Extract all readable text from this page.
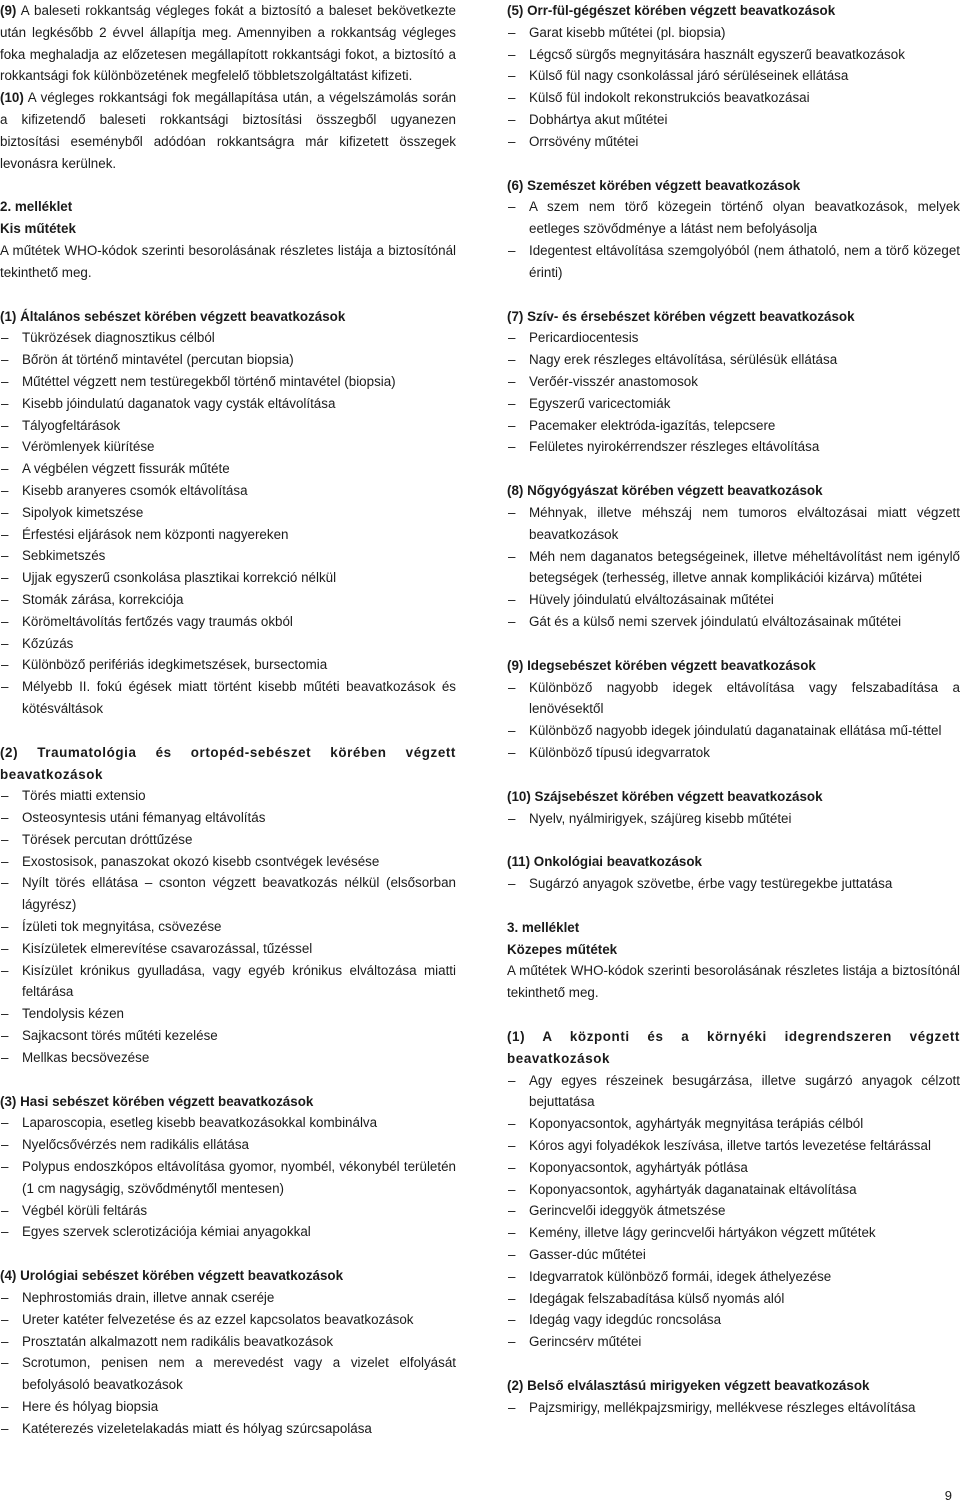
(9) A baleseti rokkantság végleges fokát a biztosító a baleset bekövetkezte után legkésőbb 2 évvel állapítja meg. Amennyiben a rokkantság végleges foka meghaladja az előzetesen megállapított rokkantsági fokot, a biztosító a rokkantsági fok különbözetének megfelelő többletszolgáltatást kifizeti.

(10) A végleges rokkantsági fok megállapítása után, a végelszámolás során a kifizetendő baleseti rokkantsági biztosítási összegből ugyanezen biztosítási eseményből adódóan rokkantságra már kifizetett összegek levonásra kerülnek.

2. melléklet

Kis műtétek

A műtétek WHO-kódok szerinti besorolásának részletes listája a biztosítónál tekinthető meg.

(1) Általános sebészet körében végzett beavatkozások

– Tükrözések diagnosztikus célból
– Bőrön át történő mintavétel (percutan biopsia)
– Műtéttel végzett nem testüregekből történő mintavétel (biopsia)
– Kisebb jóindulatú daganatok vagy cysták eltávolítása
– Tályogfeltárások
– Vérömlenyek kiürítése
– A végbélen végzett fissurák műtéte
– Kisebb aranyeres csomók eltávolítása
– Sipolyok kimetszése
– Érfestési eljárások nem központi nagyereken
– Sebkimetszés
– Ujjak egyszerű csonkolása plasztikai korrekció nélkül
– Stomák zárása, korrekciója
– Körömeltávolítás fertőzés vagy traumás okból
– Kőzúzás
– Különböző perifériás idegkimetszések, bursectomia
– Mélyebb II. fokú égések miatt történt kisebb műtéti beavatkozások és kötésváltások

(2) Traumatológia és ortopéd-sebészet körében végzett beavatkozások

– Törés miatti extensio
– Osteosyntesis utáni fémanyag eltávolítás
– Törések percutan dróttűzése
– Exostosisok, panaszokat okozó kisebb csontvégek levésése
– Nyílt törés ellátása – csonton végzett beavatkozás nélkül (elsősorban lágyrész)
– Ízületi tok megnyitása, csövezése
– Kisízületek elmerevítése csavarozással, tűzéssel
– Kisízület krónikus gyulladása, vagy egyéb krónikus elváltozása miatti feltárása
– Tendolysis kézen
– Sajkacsont törés műtéti kezelése
– Mellkas becsövezése

(3) Hasi sebészet körében végzett beavatkozások

– Laparoscopia, esetleg kisebb beavatkozásokkal kombinálva
– Nyelőcsővérzés nem radikális ellátása
– Polypus endoszkópos eltávolítása gyomor, nyombél, vékonybél területén (1 cm nagyságig, szövődménytől mentesen)
– Végbél körüli feltárás
– Egyes szervek sclerotizációja kémiai anyagokkal

(4) Urológiai sebészet körében végzett beavatkozások

– Nephrostomiás drain, illetve annak cseréje
– Ureter katéter felvezetése és az ezzel kapcsolatos beavatkozások
– Prosztatán alkalmazott nem radikális beavatkozások
– Scrotumon, penisen nem a merevedést vagy a vizelet elfolyását befolyásoló beavatkozások
– Here és hólyag biopsia
– Katéterezés vizeletelakadás miatt és hólyag szúrcsapolása

(5) Orr-fül-gégészet körében végzett beavatkozások

– Garat kisebb műtétei (pl. biopsia)
– Légcső sürgős megnyitására használt egyszerű beavatkozások
– Külső fül nagy csonkolással járó sérüléseinek ellátása
– Külső fül indokolt rekonstrukciós beavatkozásai
– Dobhártya akut műtétei
– Orrsövény műtétei

(6) Szemészet körében végzett beavatkozások

– A szem nem törő közegein történő olyan beavatkozások, melyek eetleges szövődménye a látást nem befolyásolja
– Idegentest eltávolítása szemgolyóból (nem áthatoló, nem a törő közeget érinti)

(7) Szív- és érsebészet körében végzett beavatkozások

– Pericardiocentesis
– Nagy erek részleges eltávolítása, sérülésük ellátása
– Verőér-visszér anastomosok
– Egyszerű varicectomiák
– Pacemaker elektróda-igazítás, telepcsere
– Felületes nyirokérrendszer részleges eltávolítása

(8) Nőgyógyászat körében végzett beavatkozások

– Méhnyak, illetve méhszáj nem tumoros elváltozásai miatt végzett beavatkozások
– Méh nem daganatos betegségeinek, illetve méheltávolítást nem igénylő betegségek (terhesség, illetve annak komplikációi kizárva) műtétei
– Hüvely jóindulatú elváltozásainak műtétei
– Gát és a külső nemi szervek jóindulatú elváltozásainak műtétei

(9) Idegsebészet körében végzett beavatkozások

– Különböző nagyobb idegek eltávolítása vagy felszabadítása a lenövésektől
– Különböző nagyobb idegek jóindulatú daganatainak ellátása mű-téttel
– Különböző típusú idegvarratok

(10) Szájsebészet körében végzett beavatkozások

– Nyelv, nyálmirigyek, szájüreg kisebb műtétei

(11) Onkológiai beavatkozások

– Sugárzó anyagok szövetbe, érbe vagy testüregekbe juttatása

3. melléklet

Közepes műtétek

A műtétek WHO-kódok szerinti besorolásának részletes listája a biztosítónál tekinthető meg.

(1) A központi és a környéki idegrendszeren végzett beavatkozások

– Agy egyes részeinek besugárzása, illetve sugárzó anyagok célzott bejuttatása
– Koponyacsontok, agyhártyák megnyitása terápiás célból
– Kóros agyi folyadékok leszívása, illetve tartós levezetése feltárással
– Koponyacsontok, agyhártyák pótlása
– Koponyacsontok, agyhártyák daganatainak eltávolítása
– Gerincvelői ideggyök átmetszése
– Kemény, illetve lágy gerincvelői hártyákon végzett műtétek
– Gasser-dúc műtétei
– Idegvarratok különböző formái, idegek áthelyezése
– Idegágak felszabadítása külső nyomás alól
– Idegág vagy idegdúc roncsolása
– Gerincsérv műtétei

(2) Belső elválasztású mirigyeken végzett beavatkozások

– Pajzsmirigy, mellékpajzsmirigy, mellékvese részleges eltávolítása
9
